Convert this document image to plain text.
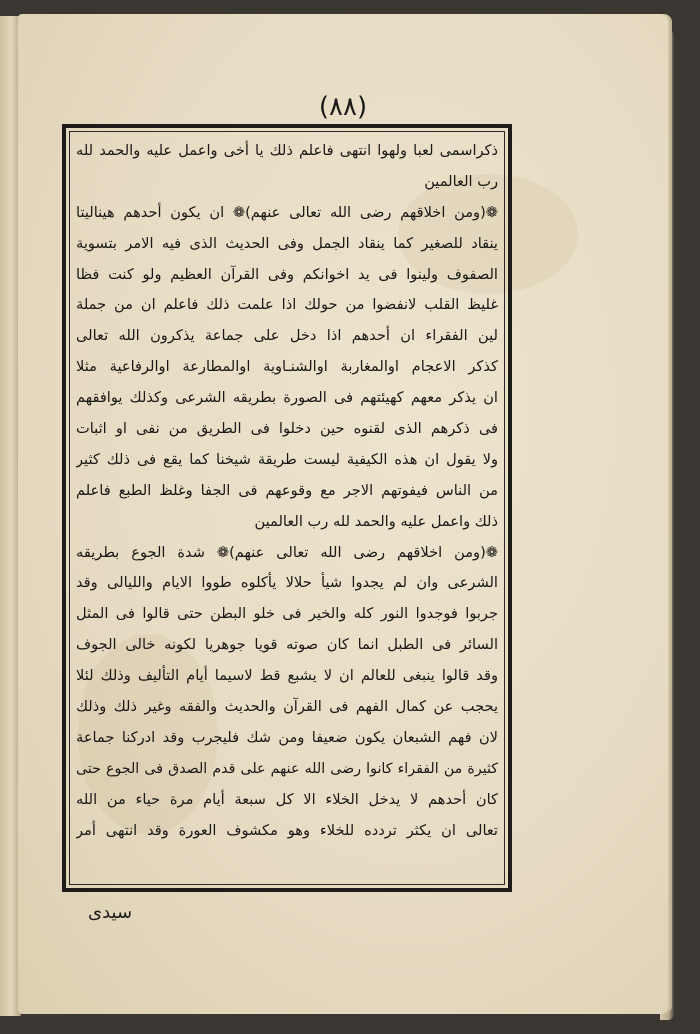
(٨٨)
ذكراسمى لعبا ولهوا انتهى فاعلم ذلك يا أخى واعمل عليه والحمد لله
رب العالمين
❁(ومن اخلاقهم رضى الله تعالى عنهم)❁ ان يكون أحدهم هيناليتا
ينقاد للصغير كما ينقاد الجمل وفى الحديث الذى فيه الامر بتسوية
الصفوف ولينوا فى يد اخوانكم وفى القرآن العظيم ولو كنت فظا
غليظ القلب لانفضوا من حولك اذا علمت ذلك فاعلم ان من جملة
لين الفقراء ان أحدهم اذا دخل على جماعة يذكرون الله تعالى
كذكر الاعجام اوالمغاربة اوالشنـاوية اوالمطارعة اوالرفاعية مثلا
ان يذكر معهم كهيئتهم فى الصورة بطريقه الشرعى وكذلك يوافقهم
فى ذكرهم الذى لقنوه حين دخلوا فى الطريق من نفى او اثبات
ولا يقول ان هذه الكيفية ليست طريقة شيخنا كما يقع فى ذلك كثير
من الناس فيفوتهم الاجر مع وقوعهم فى الجفا وغلظ الطبع فاعلم
ذلك واعمل عليه والحمد لله رب العالمين
❁(ومن اخلاقهم رضى الله تعالى عنهم)❁ شدة الجوع بطريقه
الشرعى وان لم يجدوا شيأ حلالا يأكلوه طووا الايام والليالى وقد
جربوا فوجدوا النور كله والخير فى خلو البطن حتى قالوا فى المثل
السائر فى الطبل انما كان صوته قويا جوهريا لكونه خالى الجوف
وقد قالوا ينبغى للعالم ان لا يشبع قط لاسيما أيام التأليف وذلك لئلا
يحجب عن كمال الفهم فى القرآن والحديث والفقه وغير ذلك وذلك
لان فهم الشبعان يكون ضعيفا ومن شك فليجرب وقد ادركنا جماعة
كثيرة من الفقراء كانوا رضى الله عنهم على قدم الصدق فى الجوع حتى
كان أحدهم لا يدخل الخلاء الا كل سبعة أيام مرة حياء من الله
تعالى ان يكثر تردده للخلاء وهو مكشوف العورة وقد انتهى أمر
سيدى
